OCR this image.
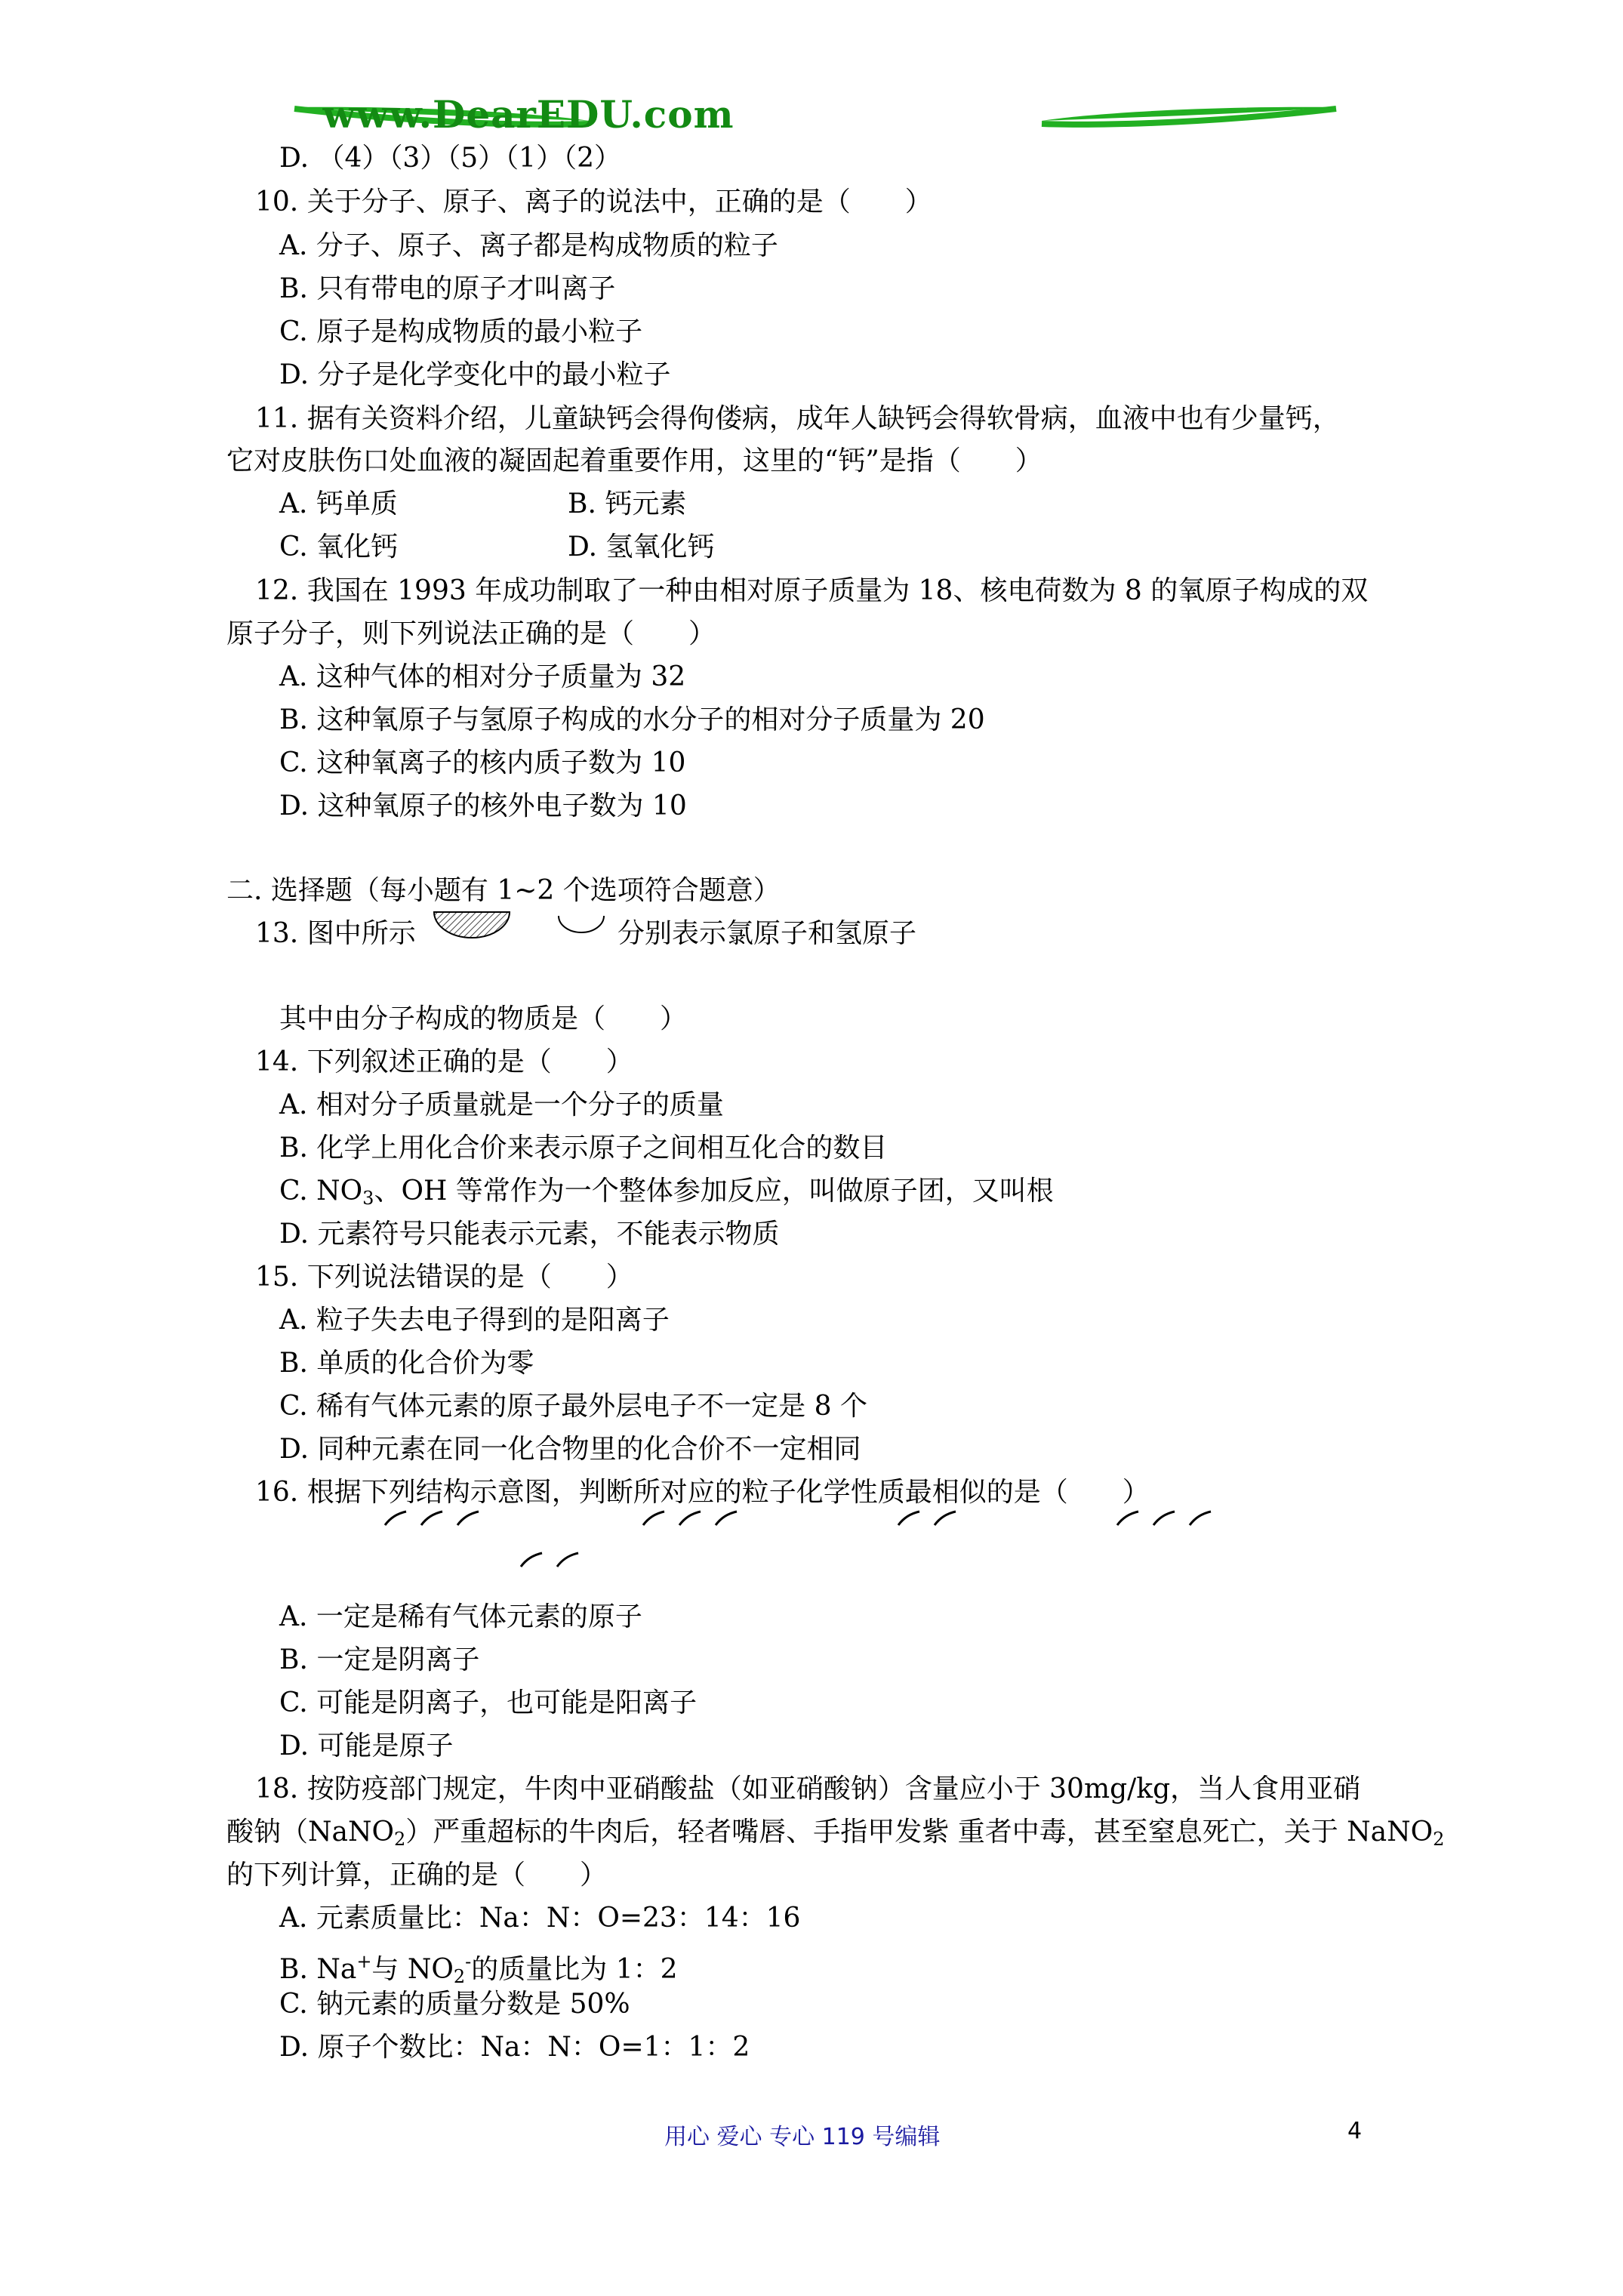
www.DearEDU.com
D. （4）（3）（5）（1）（2）
10. 关于分子、原子、离子的说法中，正确的是（　　）
A. 分子、原子、离子都是构成物质的粒子
B. 只有带电的原子才叫离子
C. 原子是构成物质的最小粒子
D. 分子是化学变化中的最小粒子
11. 据有关资料介绍，儿童缺钙会得佝偻病，成年人缺钙会得软骨病，血液中也有少量钙，
它对皮肤伤口处血液的凝固起着重要作用，这里的“钙”是指（　　）
A. 钙单质	B. 钙元素
C. 氧化钙	D. 氢氧化钙
12. 我国在 1993 年成功制取了一种由相对原子质量为 18、核电荷数为 8 的氧原子构成的双
原子分子，则下列说法正确的是（　　）
A. 这种气体的相对分子质量为 32
B. 这种氧原子与氢原子构成的水分子的相对分子质量为 20
C. 这种氧离子的核内质子数为 10
D. 这种氧原子的核外电子数为 10
二. 选择题（每小题有 1~2 个选项符合题意）
13. 图中所示	分别表示氯原子和氢原子
其中由分子构成的物质是（　　）
14. 下列叙述正确的是（　　）
A. 相对分子质量就是一个分子的质量
B. 化学上用化合价来表示原子之间相互化合的数目
C. $NO_3$、OH 等常作为一个整体参加反应，叫做原子团，又叫根
D. 元素符号只能表示元素，不能表示物质
15. 下列说法错误的是（　　）
A. 粒子失去电子得到的是阳离子
B. 单质的化合价为零
C. 稀有气体元素的原子最外层电子不一定是 8 个
D. 同种元素在同一化合物里的化合价不一定相同
16. 根据下列结构示意图，判断所对应的粒子化学性质最相似的是（　　）
A. 一定是稀有气体元素的原子
B. 一定是阴离子
C. 可能是阴离子，也可能是阳离子
D. 可能是原子
18. 按防疫部门规定，牛肉中亚硝酸盐（如亚硝酸钠）含量应小于 30mg/kg，当人食用亚硝
酸钠（NaNO$_2$）严重超标的牛肉后，轻者嘴唇、手指甲发紫 重者中毒，甚至窒息死亡，关于 NaNO$_2$
的下列计算，正确的是（　　）
A. 元素质量比：Na：N：O=23：14：16
B. Na+与 $NO_2^-$的质量比为 1：2
C. 钠元素的质量分数是 50%
D. 原子个数比：Na：N：O=1：1：2
用心 爱心 专心 119 号编辑	4
